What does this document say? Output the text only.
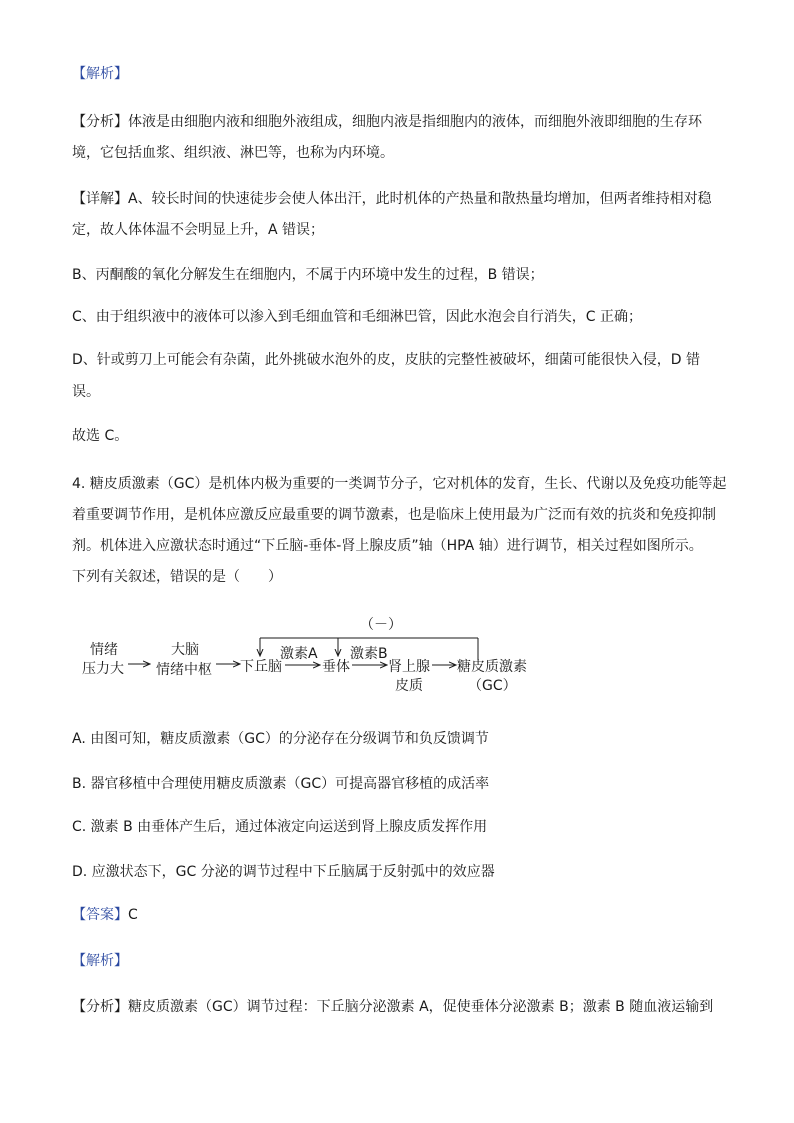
【解析】
【分析】体液是由细胞内液和细胞外液组成，细胞内液是指细胞内的液体，而细胞外液即细胞的生存环
境，它包括血浆、组织液、淋巴等，也称为内环境。
【详解】A、较长时间的快速徒步会使人体出汗，此时机体的产热量和散热量均增加，但两者维持相对稳
定，故人体体温不会明显上升，A 错误；
B、丙酮酸的氧化分解发生在细胞内，不属于内环境中发生的过程，B 错误；
C、由于组织液中的液体可以渗入到毛细血管和毛细淋巴管，因此水泡会自行消失，C 正确；
D、针或剪刀上可能会有杂菌，此外挑破水泡外的皮，皮肤的完整性被破坏，细菌可能很快入侵，D 错
误。
故选 C。
4. 糖皮质激素（GC）是机体内极为重要的一类调节分子，它对机体的发育，生长、代谢以及免疫功能等起
着重要调节作用，是机体应激反应最重要的调节激素，也是临床上使用最为广泛而有效的抗炎和免疫抑制
剂。机体进入应激状态时通过“下丘脑-垂体-肾上腺皮质”轴（HPA 轴）进行调节，相关过程如图所示。
下列有关叙述，错误的是（　　）
（－）
情绪
压力大
大脑
情绪中枢 下丘脑
激素A
垂体
激素B
肾上腺
皮质
糖皮质激素
（GC）
A. 由图可知，糖皮质激素（GC）的分泌存在分级调节和负反馈调节
B. 器官移植中合理使用糖皮质激素（GC）可提高器官移植的成活率
C. 激素 B 由垂体产生后，通过体液定向运送到肾上腺皮质发挥作用
D. 应激状态下，GC 分泌的调节过程中下丘脑属于反射弧中的效应器
【答案】C
【解析】
【分析】糖皮质激素（GC）调节过程：下丘脑分泌激素 A，促使垂体分泌激素 B；激素 B 随血液运输到
